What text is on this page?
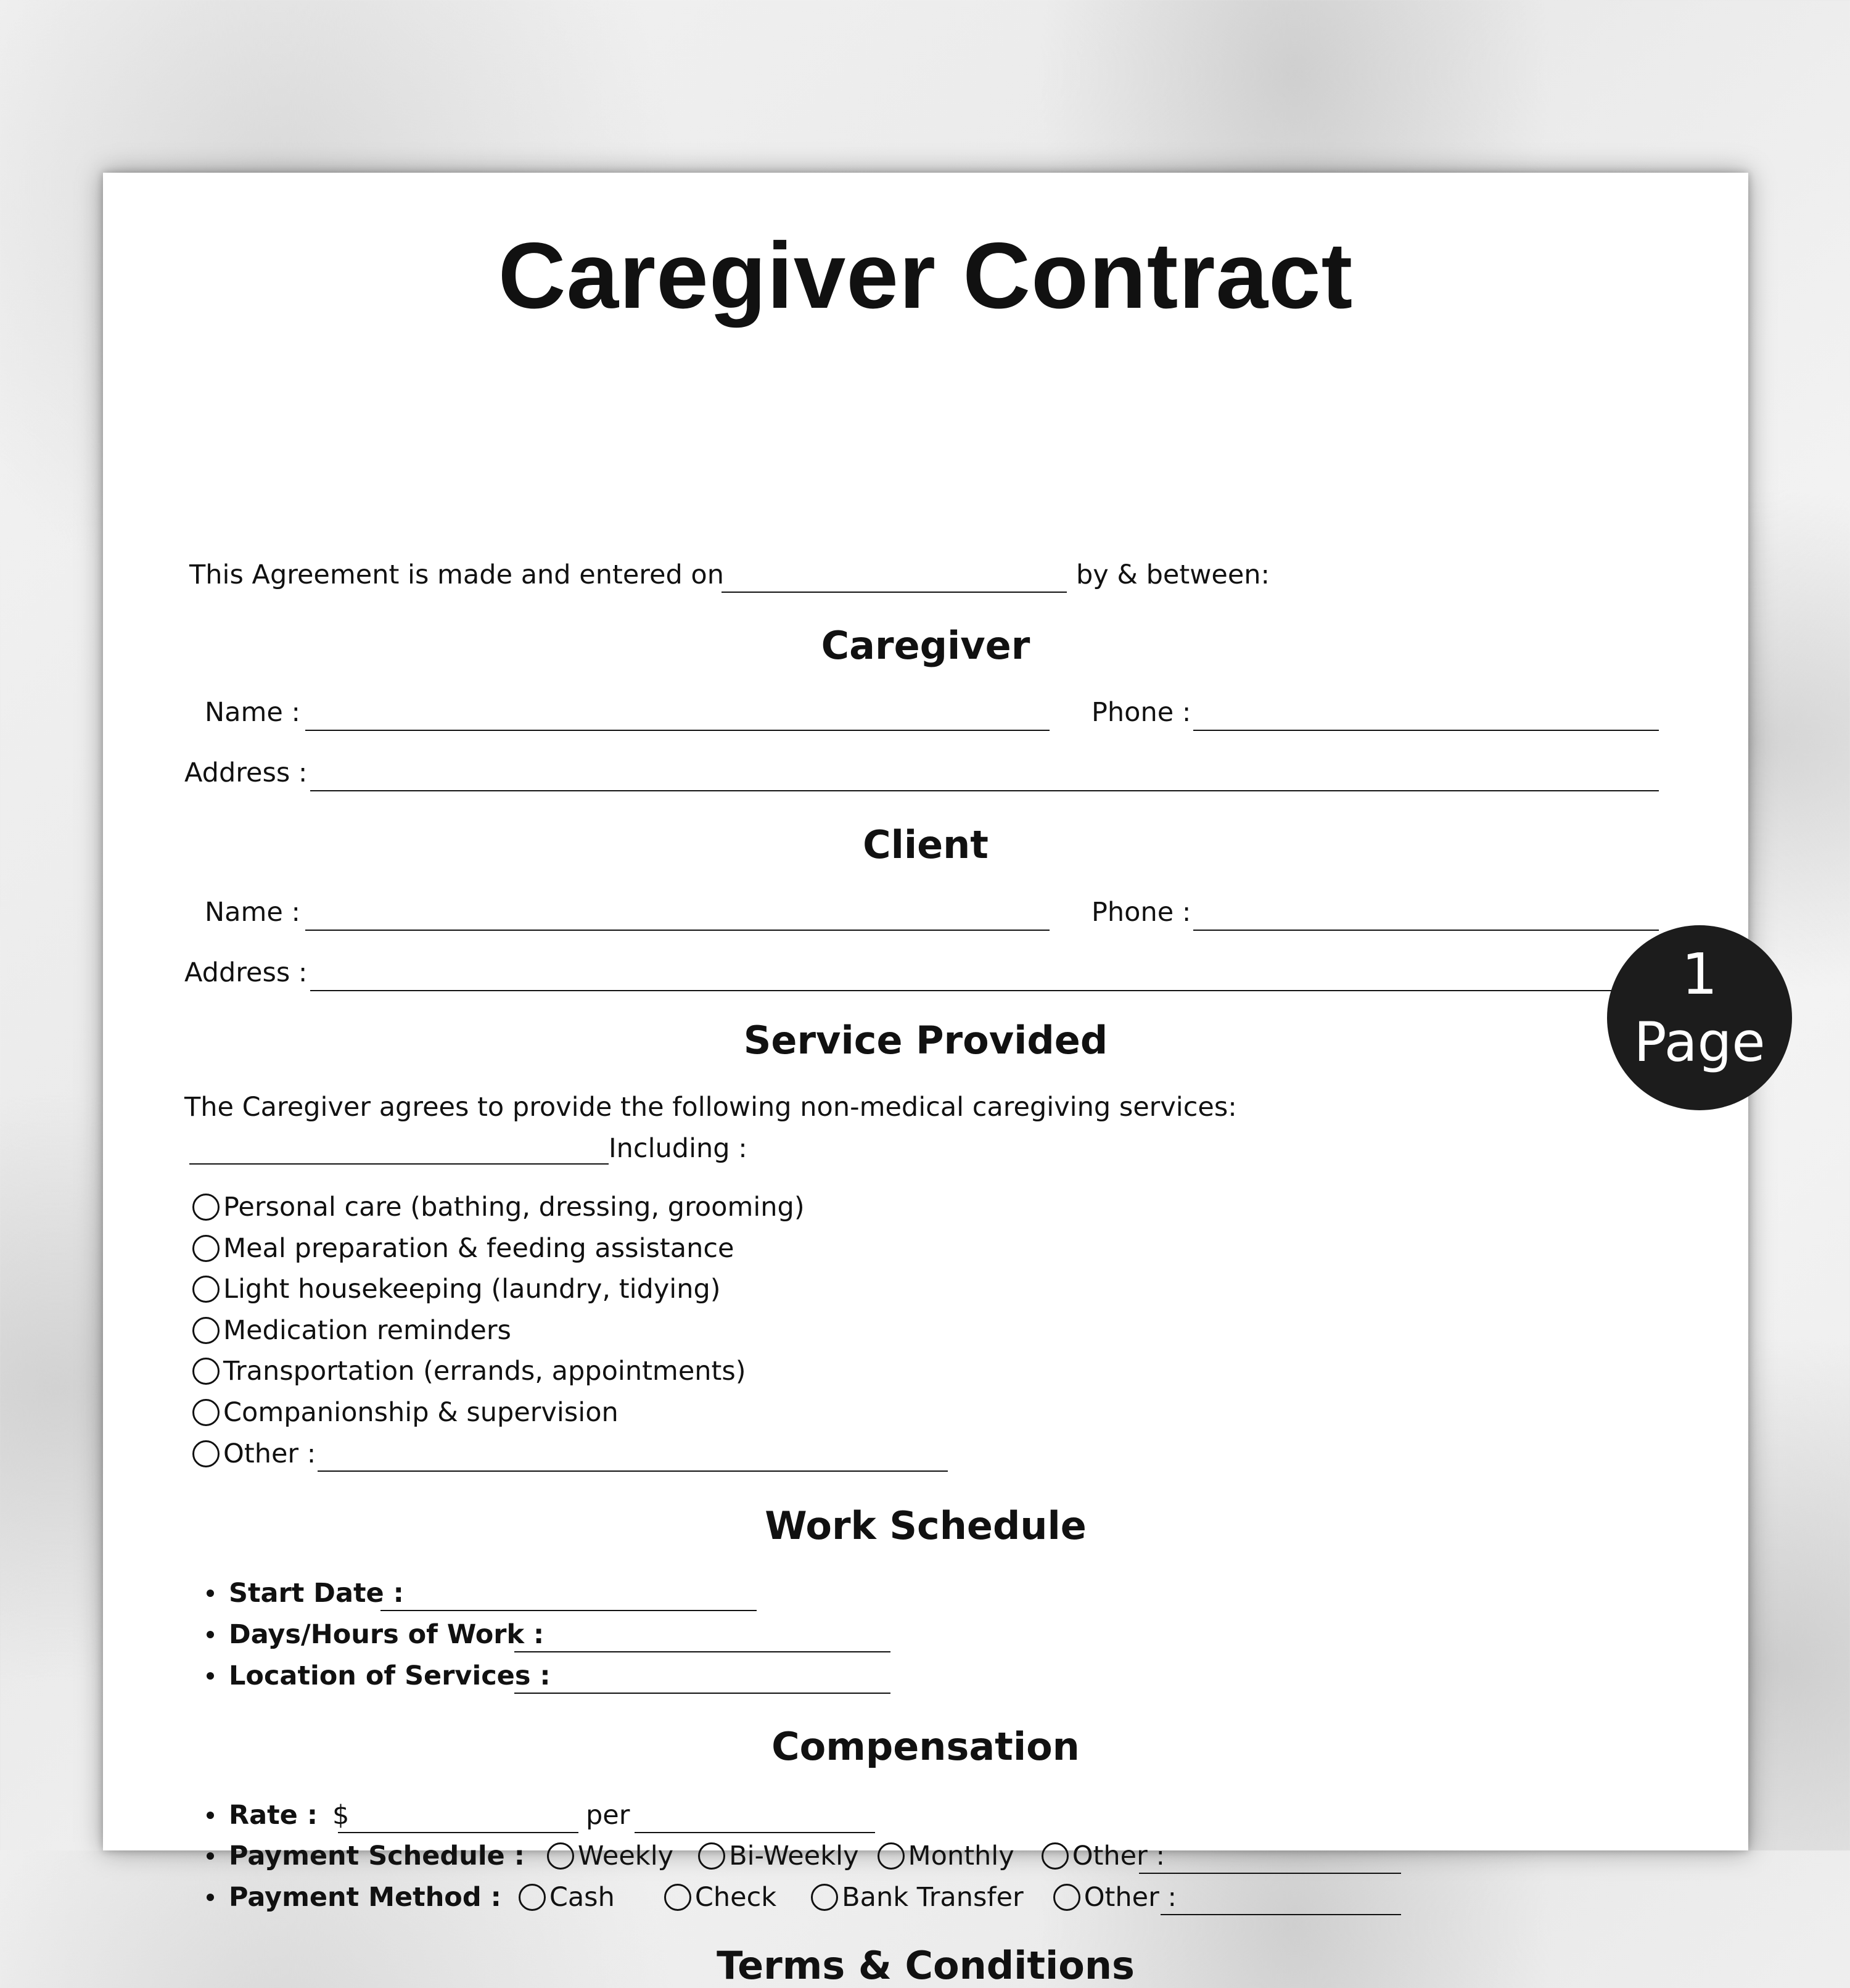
Caregiver Contract
This Agreement is made and entered on	by & between:
Caregiver
Name :	Phone :
Address :
Client
Name :	Phone :
Address :
Service Provided
The Caregiver agrees to provide the following non-medical caregiving services:
Including :
Personal care (bathing, dressing, grooming)
Meal preparation & feeding assistance
Light housekeeping (laundry, tidying)
Medication reminders
Transportation (errands, appointments)
Companionship & supervision
Other :
Work Schedule
Start Date :
Days/Hours of Work :
Location of Services :
Compensation
Rate : $	per
Payment Schedule : Weekly Bi-Weekly Monthly Other :
Payment Method : Cash	Check Bank Transfer Other :
Terms & Conditions
1
Page
